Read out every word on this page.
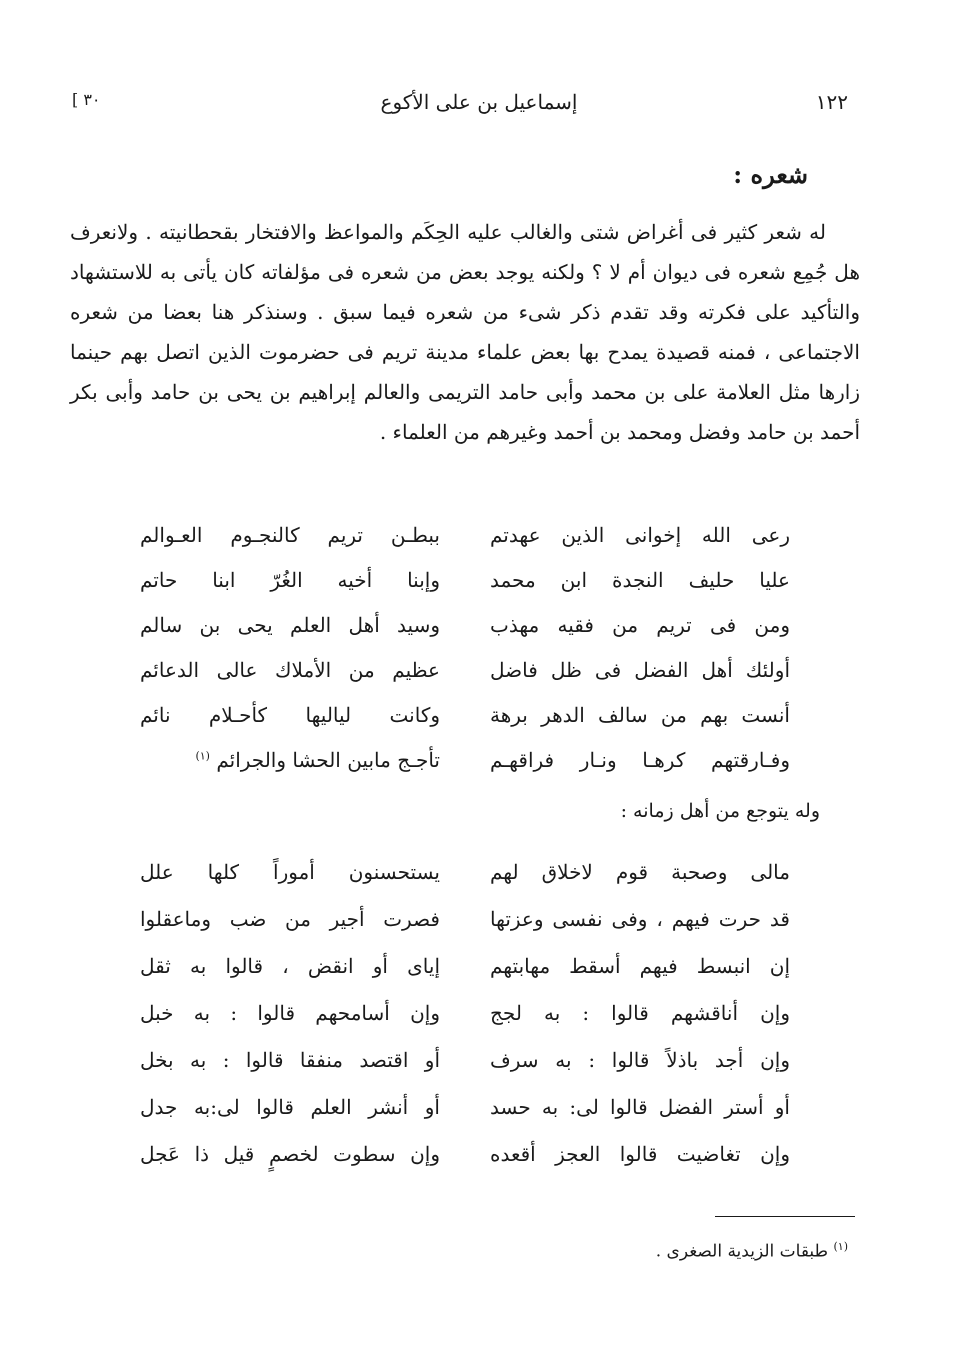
١٢٢
إسماعيل بن على الأكوع
[ ٣٠
شعره :

له شعر كثير فى أغراض شتى والغالب عليه الحِكَم والمواعظ والافتخار بقحطانيته . ولانعرف هل جُمِع شعره فى ديوان أم لا ؟ ولكنه يوجد بعض من شعره فى مؤلفاته كان يأتى به للاستشهاد والتأكيد على فكرته وقد تقدم ذكر شىء من شعره فيما سبق . وسنذكر هنا بعضا من شعره الاجتماعى ، فمنه قصيدة يمدح بها بعض علماء مدينة تريم فى حضرموت الذين اتصل بهم حينما زارها مثل العلامة على بن محمد وأبى حامد التريمى والعالم إبراهيم بن يحى بن حامد وأبى بكر أحمد بن حامد وفضل ومحمد بن أحمد وغيرهم من العلماء .

رعى الله إخوانى الذين عهدتم
ببطـن تريم كالنجـوم العـوالم
عليا حليف النجدة ابن محمد
وإبنا أخيه الغُرّ ابنا حاتم
ومن فى تريم من فقيه مهذب
وسيد أهل العلم يحى بن سالم
أولئك أهل الفضل فى ظل فاضل
عظيم من الأملاك عالى الدعائم
أنست بهم من سالف الدهر برهة
وكانت لياليها كأحـلام نائم
وفـارقتهم كرهـا ونـار فراقهـم
تأجـج مابين الحشا والجرائم $^{(١)}$
وله يتوجع من أهل زمانه :
مالى وصحبة قوم لاخلاق لهم
يستحسنون أموراً كلها علل
قد حرت فيهم ، وفى نفسى وعزتها
فصرت أجير من ضب وماعقلوا
إن انبسط فيهم أسقط مهابتهم
إياى أو انقض ، قالوا به ثقل
وإن أناقشهم قالوا : به لجج
وإن أسامحهم قالوا : به خبل
وإن أجد باذلاً قالوا : به سرف
أو اقتصد منفقا قالوا : به بخل
أو أستر الفضل قالوا لى: به حسد
أو أنشر العلم قالوا لى:به جدل
وإن تغاضيت قالوا العجز أقعده
وإن سطوت لخصمٍ قيل ذا عَجل
$^{(١)}$ طبقات الزيدية الصغرى .
